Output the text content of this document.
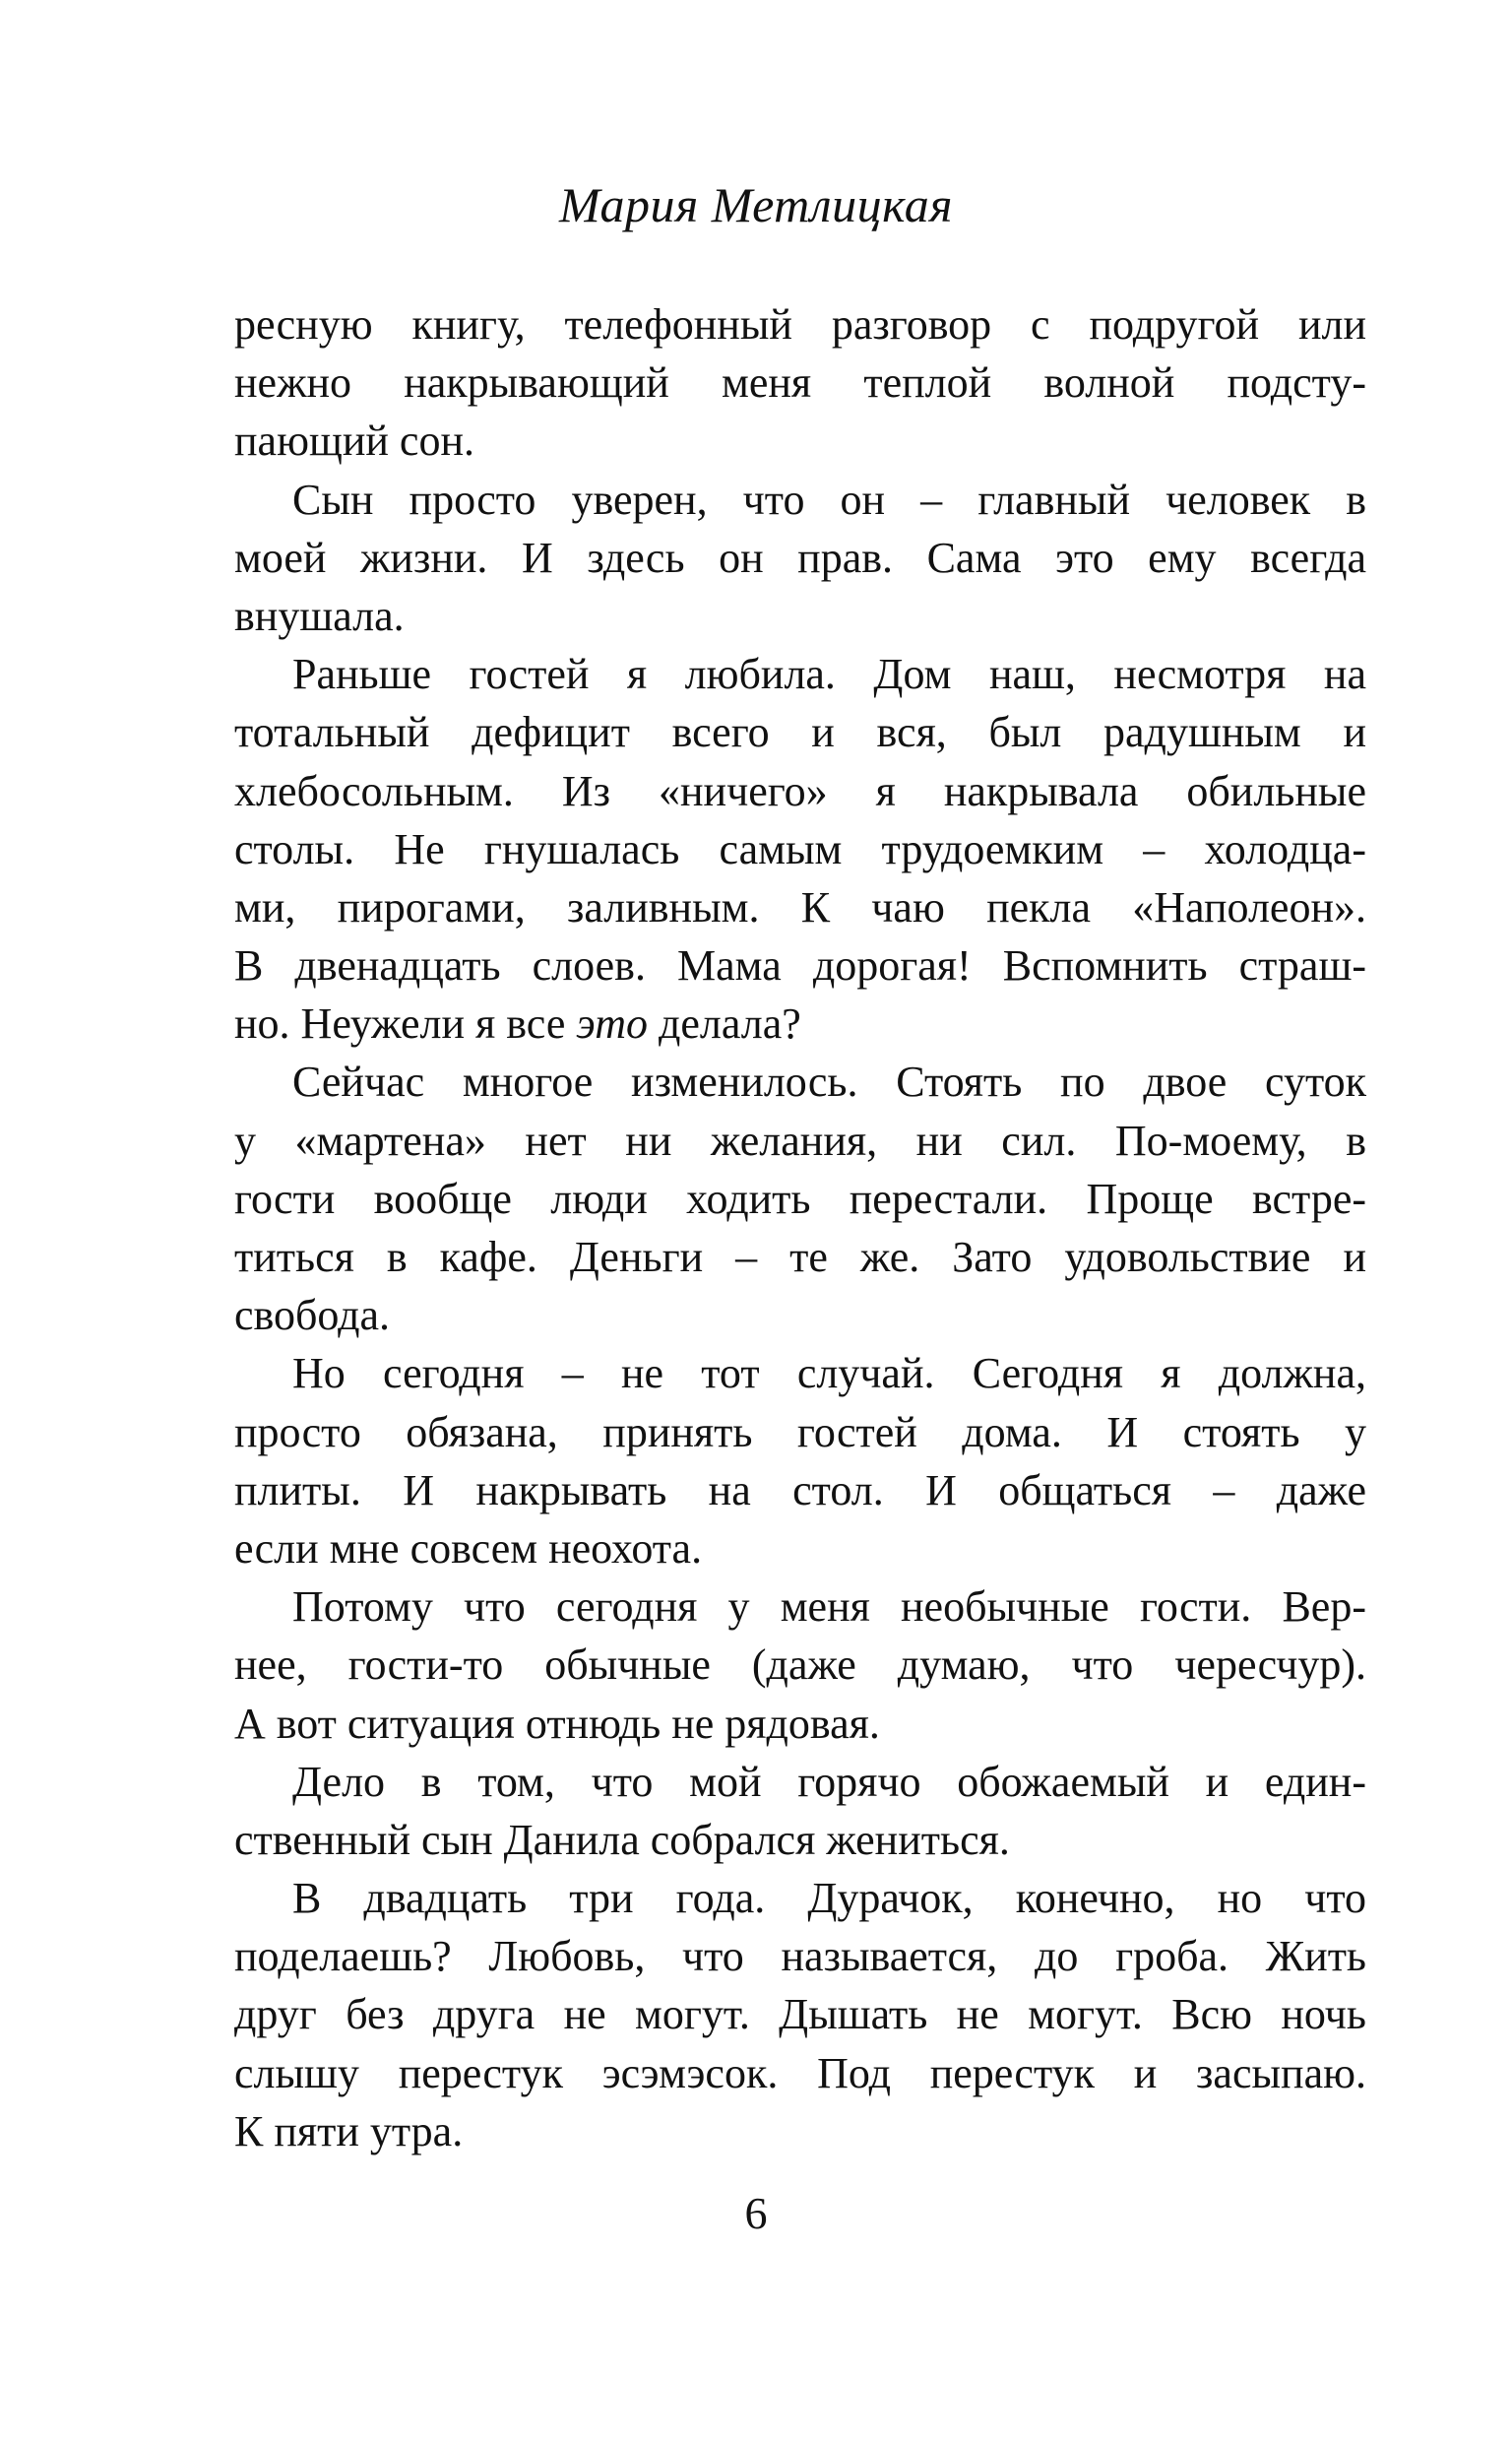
Мария Метлицкая
ресную книгу, телефонный разговор с подругой или
нежно накрывающий меня теплой волной подсту-
пающий сон.
Сын просто уверен, что он – главный человек в
моей жизни. И здесь он прав. Сама это ему всегда
внушала.
Раньше гостей я любила. Дом наш, несмотря на
тотальный дефицит всего и вся, был радушным и
хлебосольным. Из «ничего» я накрывала обильные
столы. Не гнушалась самым трудоемким – холодца-
ми, пирогами, заливным. К чаю пекла «Наполеон».
В двенадцать слоев. Мама дорогая! Вспомнить страш-
но. Неужели я все это делала?
Сейчас многое изменилось. Стоять по двое суток
у «мартена» нет ни желания, ни сил. По-моему, в
гости вообще люди ходить перестали. Проще встре-
титься в кафе. Деньги – те же. Зато удовольствие и
свобода.
Но сегодня – не тот случай. Сегодня я должна,
просто обязана, принять гостей дома. И стоять у
плиты. И накрывать на стол. И общаться – даже
если мне совсем неохота.
Потому что сегодня у меня необычные гости. Вер-
нее, гости-то обычные (даже думаю, что чересчур).
А вот ситуация отнюдь не рядовая.
Дело в том, что мой горячо обожаемый и един-
ственный сын Данила собрался жениться.
В двадцать три года. Дурачок, конечно, но что
поделаешь? Любовь, что называется, до гроба. Жить
друг без друга не могут. Дышать не могут. Всю ночь
слышу перестук эсэмэсок. Под перестук и засыпаю.
К пяти утра.
6
